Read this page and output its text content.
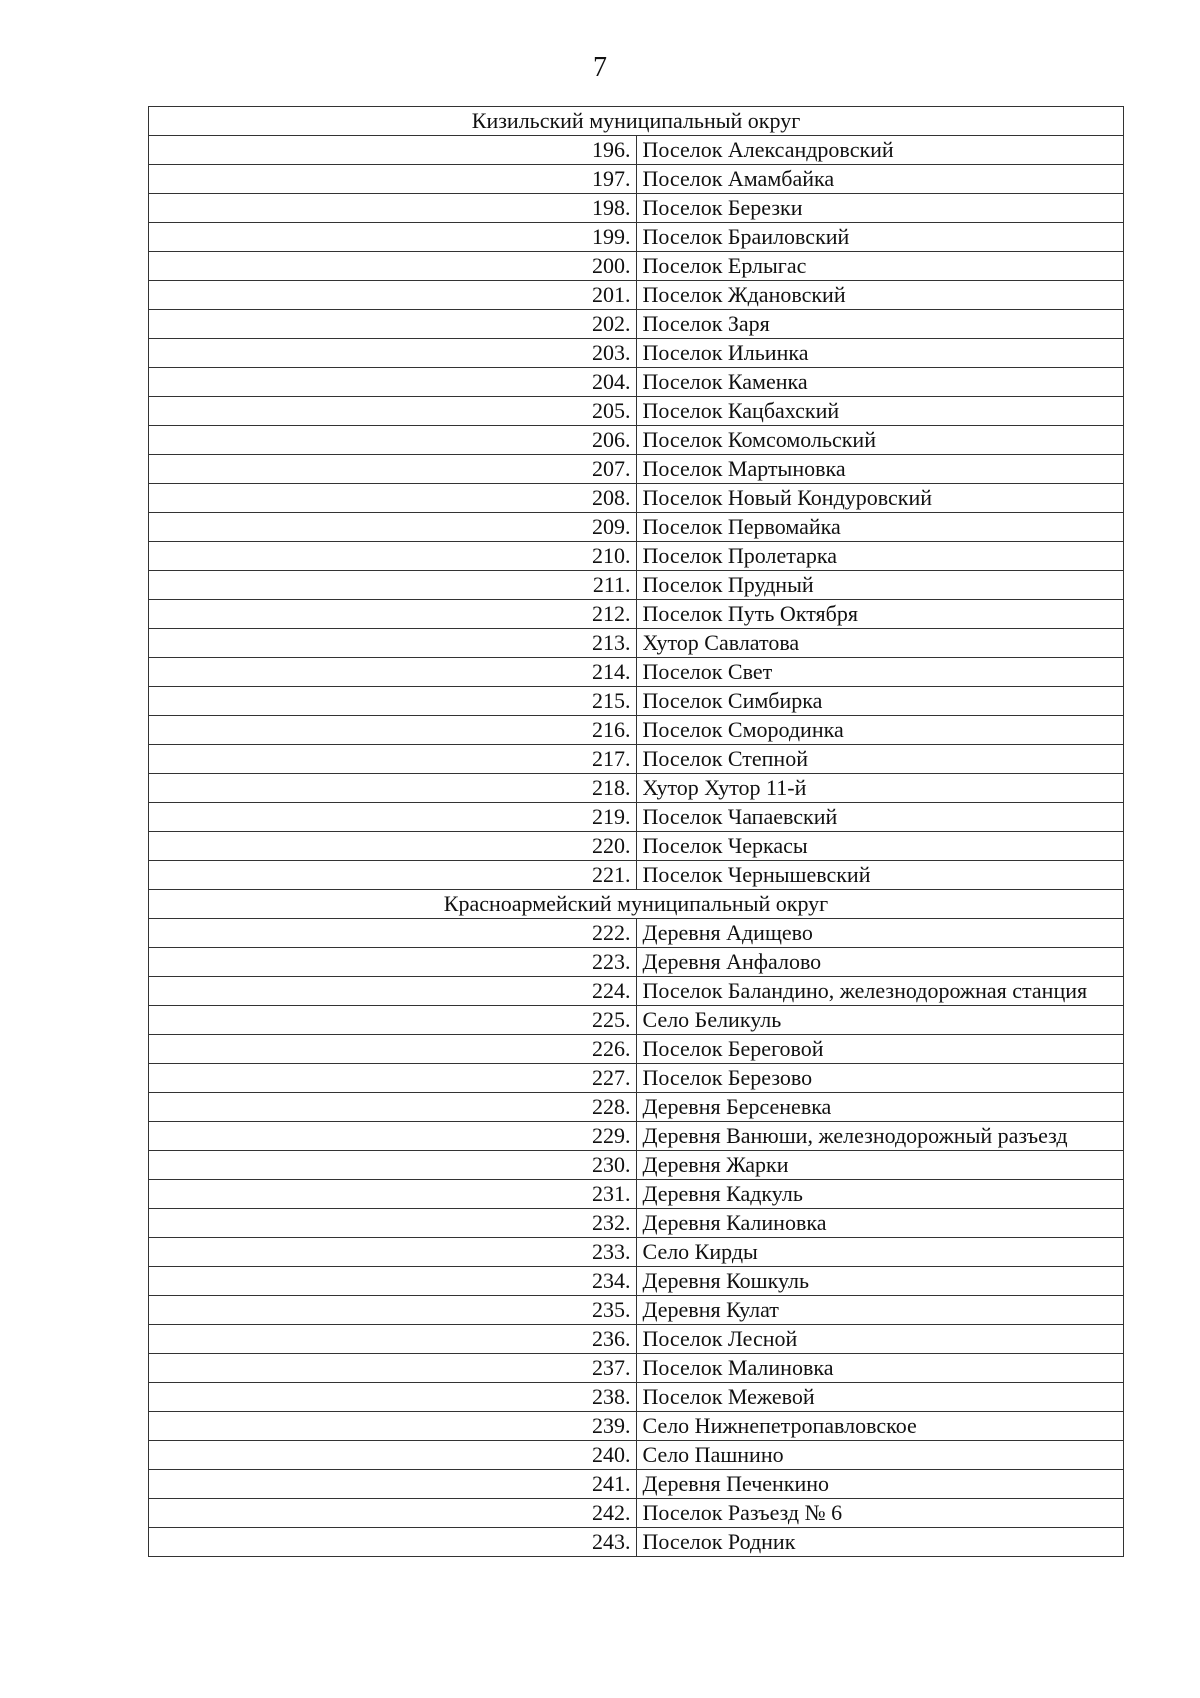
7
Кизильский муниципальный округ	
196.	Поселок Александровский
197.	Поселок Амамбайка
198.	Поселок Березки
199.	Поселок Браиловский
200.	Поселок Ерлыгас
201.	Поселок Ждановский
202.	Поселок Заря
203.	Поселок Ильинка
204.	Поселок Каменка
205.	Поселок Кацбахский
206.	Поселок Комсомольский
207.	Поселок Мартыновка
208.	Поселок Новый Кондуровский
209.	Поселок Первомайка
210.	Поселок Пролетарка
211.	Поселок Прудный
212.	Поселок Путь Октября
213.	Хутор Савлатова
214.	Поселок Свет
215.	Поселок Симбирка
216.	Поселок Смородинка
217.	Поселок Степной
218.	Хутор Хутор 11-й
219.	Поселок Чапаевский
220.	Поселок Черкасы
221.	Поселок Чернышевский
Красноармейский муниципальный округ	
222.	Деревня Адищево
223.	Деревня Анфалово
224.	Поселок Баландино, железнодорожная станция
225.	Село Беликуль
226.	Поселок Береговой
227.	Поселок Березово
228.	Деревня Берсеневка
229.	Деревня Ванюши, железнодорожный разъезд
230.	Деревня Жарки
231.	Деревня Кадкуль
232.	Деревня Калиновка
233.	Село Кирды
234.	Деревня Кошкуль
235.	Деревня Кулат
236.	Поселок Лесной
237.	Поселок Малиновка
238.	Поселок Межевой
239.	Село Нижнепетропавловское
240.	Село Пашнино
241.	Деревня Печенкино
242.	Поселок Разъезд № 6
243.	Поселок Родник
